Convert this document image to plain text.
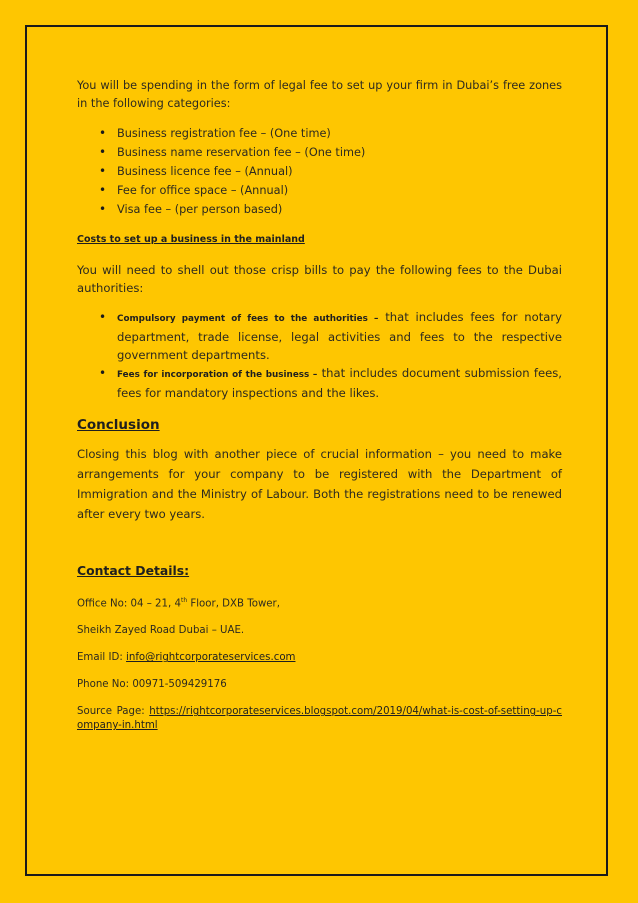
You will be spending in the form of legal fee to set up your firm in Dubai’s free zones in the following categories:

• Business registration fee – (One time)
• Business name reservation fee – (One time)
• Business licence fee – (Annual)
• Fee for office space – (Annual)
• Visa fee – (per person based)
Costs to set up a business in the mainland

You will need to shell out those crisp bills to pay the following fees to the Dubai authorities:

• Compulsory payment of fees to the authorities – that includes fees for notary department, trade license, legal activities and fees to the respective government departments.
• Fees for incorporation of the business – that includes document submission fees, fees for mandatory inspections and the likes.
Conclusion

Closing this blog with another piece of crucial information – you need to make arrangements for your company to be registered with the Department of Immigration and the Ministry of Labour. Both the registrations need to be renewed after every two years.

Contact Details:
Office No: 04 – 21, 4th Floor, DXB Tower,
Sheikh Zayed Road Dubai – UAE.
Email ID: info@rightcorporateservices.com
Phone No: 00971-509429176
Source Page: https://rightcorporateservices.blogspot.com/2019/04/what-is-cost-of-setting-up-company-in.html
